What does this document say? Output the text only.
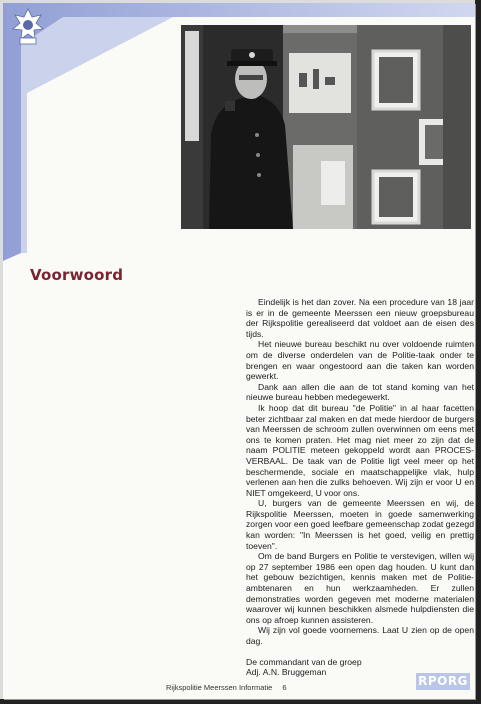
Voorwoord

Eindelijk is het dan zover. Na een procedure van 18 jaar is er in de gemeente Meerssen een nieuw groepsbureau der Rijkspolitie gerealiseerd dat voldoet aan de eisen des tijds.

Het nieuwe bureau beschikt nu over voldoende ruimten om de diverse onderdelen van de Politie-taak onder te brengen en waar ongestoord aan die taken kan worden gewerkt.

Dank aan allen die aan de tot stand koming van het nieuwe bureau hebben medegewerkt.

Ik hoop dat dit bureau "de Politie" in al haar facetten beter zichtbaar zal maken en dat mede hierdoor de burgers van Meerssen de schroom zullen overwinnen om eens met ons te komen praten. Het mag niet meer zo zijn dat de naam POLITIE meteen gekoppeld wordt aan PROCES-VERBAAL. De taak van de Politie ligt veel meer op het beschermende, sociale en maatschappelijke vlak, hulp verlenen aan hen die zulks behoeven. Wij zijn er voor U en NIET omgekeerd, U voor ons.

U, burgers van de gemeente Meerssen en wij, de Rijkspolitie Meerssen, moeten in goede samenwerking zorgen voor een goed leefbare gemeenschap zodat gezegd kan worden: "In Meerssen is het goed, veilig en prettig toeven".

Om de band Burgers en Politie te verstevigen, willen wij op 27 september 1986 een open dag houden. U kunt dan het gebouw bezichtigen, kennis maken met de Politie-ambtenaren en hun werkzaamheden. Er zullen demonstraties worden gegeven met moderne materialen waarover wij kunnen beschikken alsmede hulpdiensten die ons op afroep kunnen assisteren.

Wij zijn vol goede voornemens. Laat U zien op de open dag.

De commandant van de groep

Adj. A.N. Bruggeman

Rijkspolitie Meerssen Informatie 6	RPORG
